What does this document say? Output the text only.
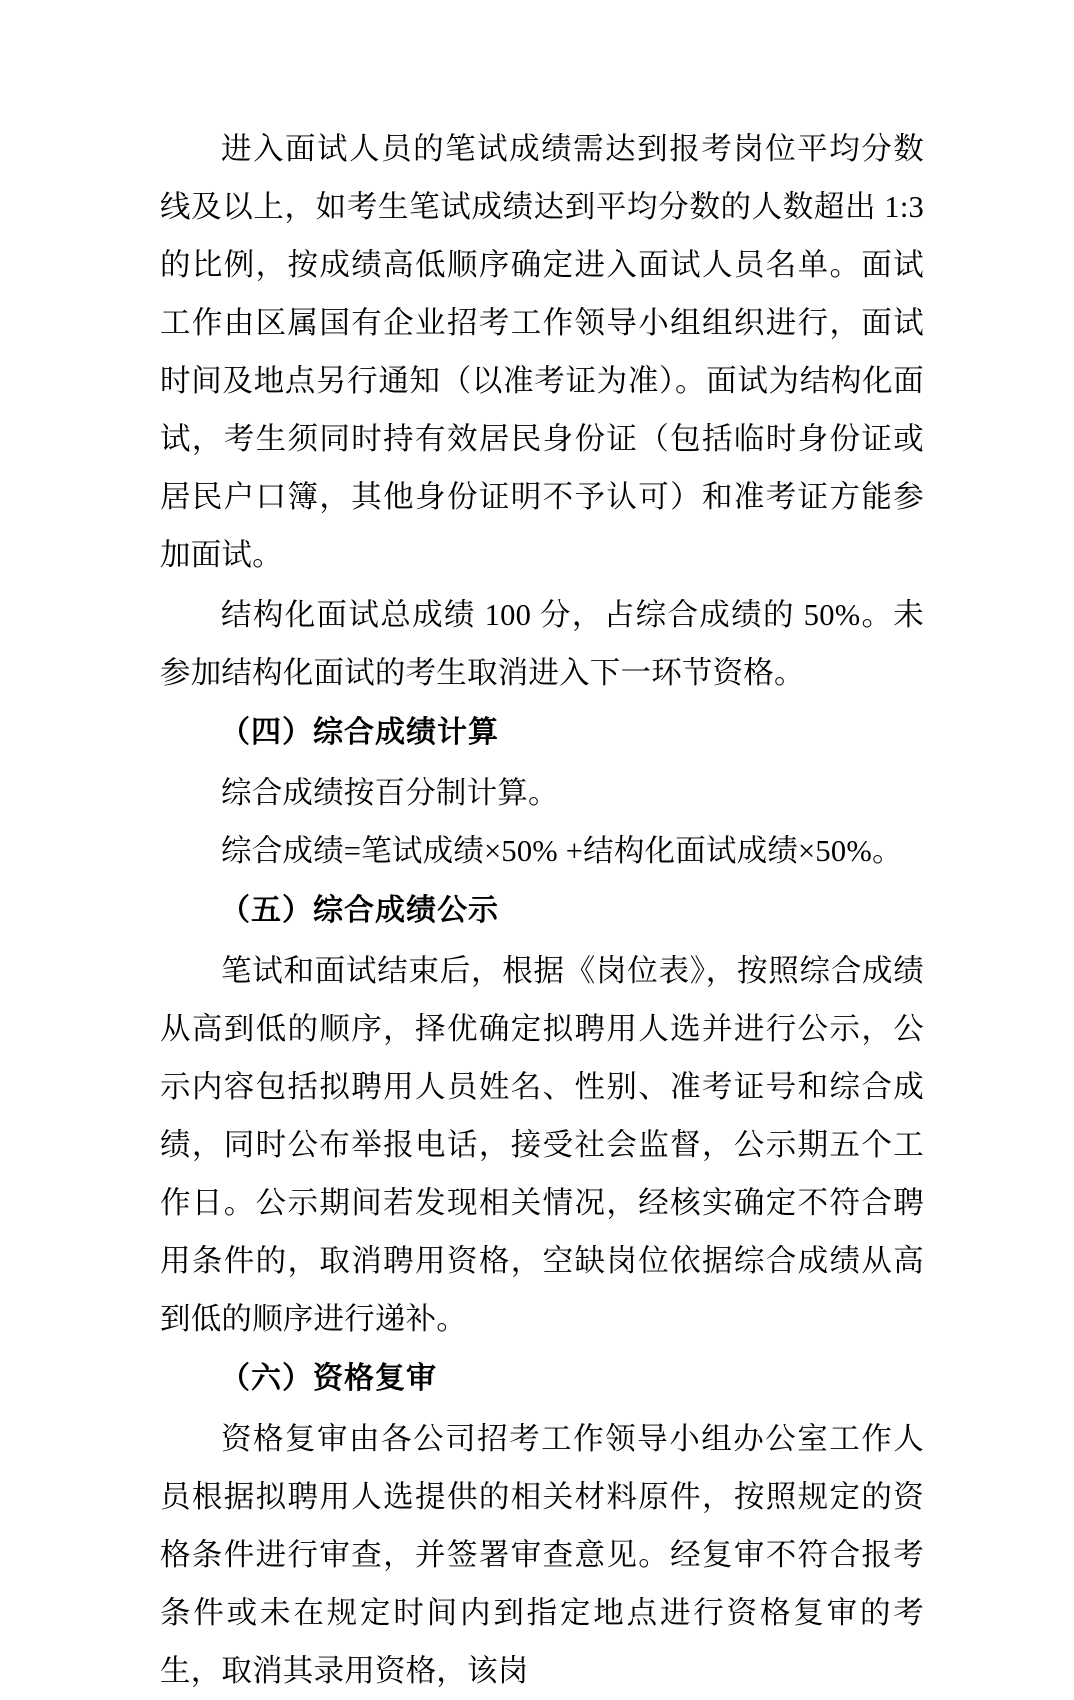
进入面试人员的笔试成绩需达到报考岗位平均分数线及以上，如考生笔试成绩达到平均分数的人数超出 1:3 的比例，按成绩高低顺序确定进入面试人员名单。面试工作由区属国有企业招考工作领导小组组织进行，面试时间及地点另行通知（以准考证为准）。面试为结构化面试，考生须同时持有效居民身份证（包括临时身份证或居民户口簿，其他身份证明不予认可）和准考证方能参加面试。

结构化面试总成绩 100 分，占综合成绩的 50%。未参加结构化面试的考生取消进入下一环节资格。

（四）综合成绩计算

综合成绩按百分制计算。

综合成绩=笔试成绩×50% +结构化面试成绩×50%。

（五）综合成绩公示

笔试和面试结束后，根据《岗位表》，按照综合成绩从高到低的顺序，择优确定拟聘用人选并进行公示，公示内容包括拟聘用人员姓名、性别、准考证号和综合成绩，同时公布举报电话，接受社会监督，公示期五个工作日。公示期间若发现相关情况，经核实确定不符合聘用条件的，取消聘用资格，空缺岗位依据综合成绩从高到低的顺序进行递补。

（六）资格复审

资格复审由各公司招考工作领导小组办公室工作人员根据拟聘用人选提供的相关材料原件，按照规定的资格条件进行审查，并签署审查意见。经复审不符合报考条件或未在规定时间内到指定地点进行资格复审的考生，取消其录用资格，该岗
